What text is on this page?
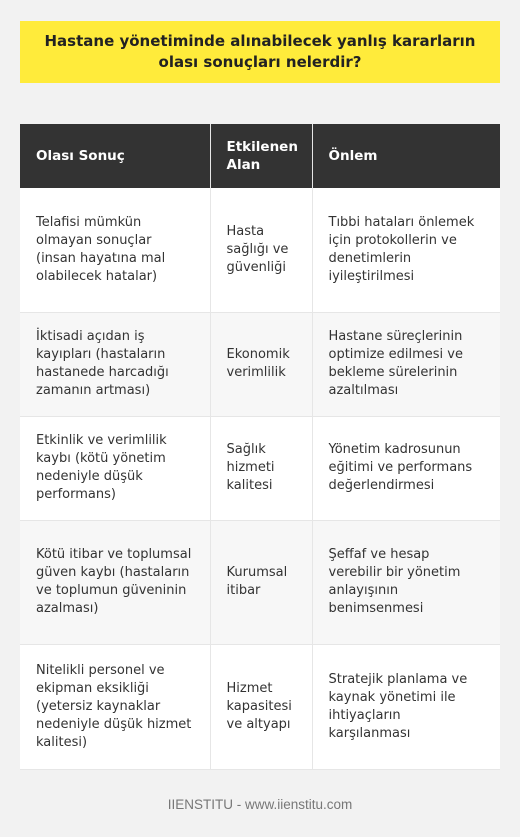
Hastane yönetiminde alınabilecek yanlış kararların olası sonuçları nelerdir?
Olası Sonuç	Etkilenen Alan	Önlem
Telafisi mümkün olmayan sonuçlar (insan hayatına mal olabilecek hatalar)	Hasta sağlığı ve güvenliği	Tıbbi hataları önlemek için protokollerin ve denetimlerin iyileştirilmesi
İktisadi açıdan iş kayıpları (hastaların hastanede harcadığı zamanın artması)	Ekonomik verimlilik	Hastane süreçlerinin optimize edilmesi ve bekleme sürelerinin azaltılması
Etkinlik ve verimlilik kaybı (kötü yönetim nedeniyle düşük performans)	Sağlık hizmeti kalitesi	Yönetim kadrosunun eğitimi ve performans değerlendirmesi
Kötü itibar ve toplumsal güven kaybı (hastaların ve toplumun güveninin azalması)	Kurumsal itibar	Şeffaf ve hesap verebilir bir yönetim anlayışının benimsenmesi
Nitelikli personel ve ekipman eksikliği (yetersiz kaynaklar nedeniyle düşük hizmet kalitesi)	Hizmet kapasitesi ve altyapı	Stratejik planlama ve kaynak yönetimi ile ihtiyaçların karşılanması
IIENSTITU - www.iienstitu.com
